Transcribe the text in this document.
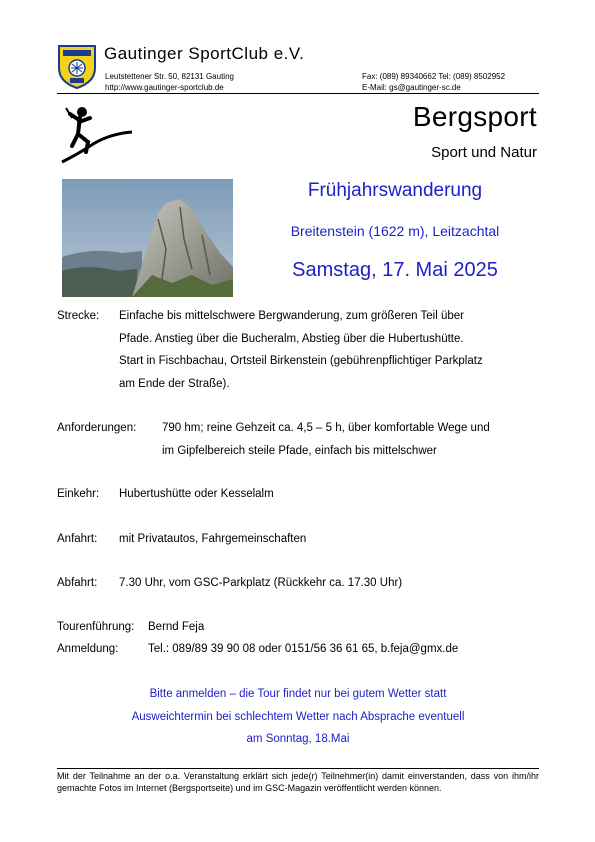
Gautinger SportClub e.V.
Leutstettener Str. 50, 82131 Gauting
http://www.gautinger-sportclub.de
Fax: (089) 89340662 Tel: (089) 8502952
E-Mail: gs@gautinger-sc.de
Bergsport
Sport und Natur
Frühjahrswanderung
Breitenstein (1622 m), Leitzachtal
Samstag, 17. Mai 2025
Strecke: Einfache bis mittelschwere Bergwanderung, zum größeren Teil über
Pfade. Anstieg über die Bucheralm, Abstieg über die Hubertushütte.
Start in Fischbachau, Ortsteil Birkenstein (gebührenpflichtiger Parkplatz
am Ende der Straße).
Anforderungen: 790 hm; reine Gehzeit ca. 4,5 – 5 h, über komfortable Wege und
im Gipfelbereich steile Pfade, einfach bis mittelschwer
Einkehr: Hubertushütte oder Kesselalm
Anfahrt: mit Privatautos, Fahrgemeinschaften
Abfahrt: 7.30 Uhr, vom GSC-Parkplatz (Rückkehr ca. 17.30 Uhr)
Tourenführung: Bernd Feja
Anmeldung:	Tel.: 089/89 39 90 08 oder 0151/56 36 61 65, b.feja@gmx.de
Bitte anmelden – die Tour findet nur bei gutem Wetter statt
Ausweichtermin bei schlechtem Wetter nach Absprache eventuell
am Sonntag, 18.Mai
Mit der Teilnahme an der o.a. Veranstaltung erklärt sich jede(r) Teilnehmer(in) damit einverstanden, dass von ihm/ihr gemachte Fotos im Internet (Bergsportseite) und im GSC-Magazin veröffentlicht werden können.
